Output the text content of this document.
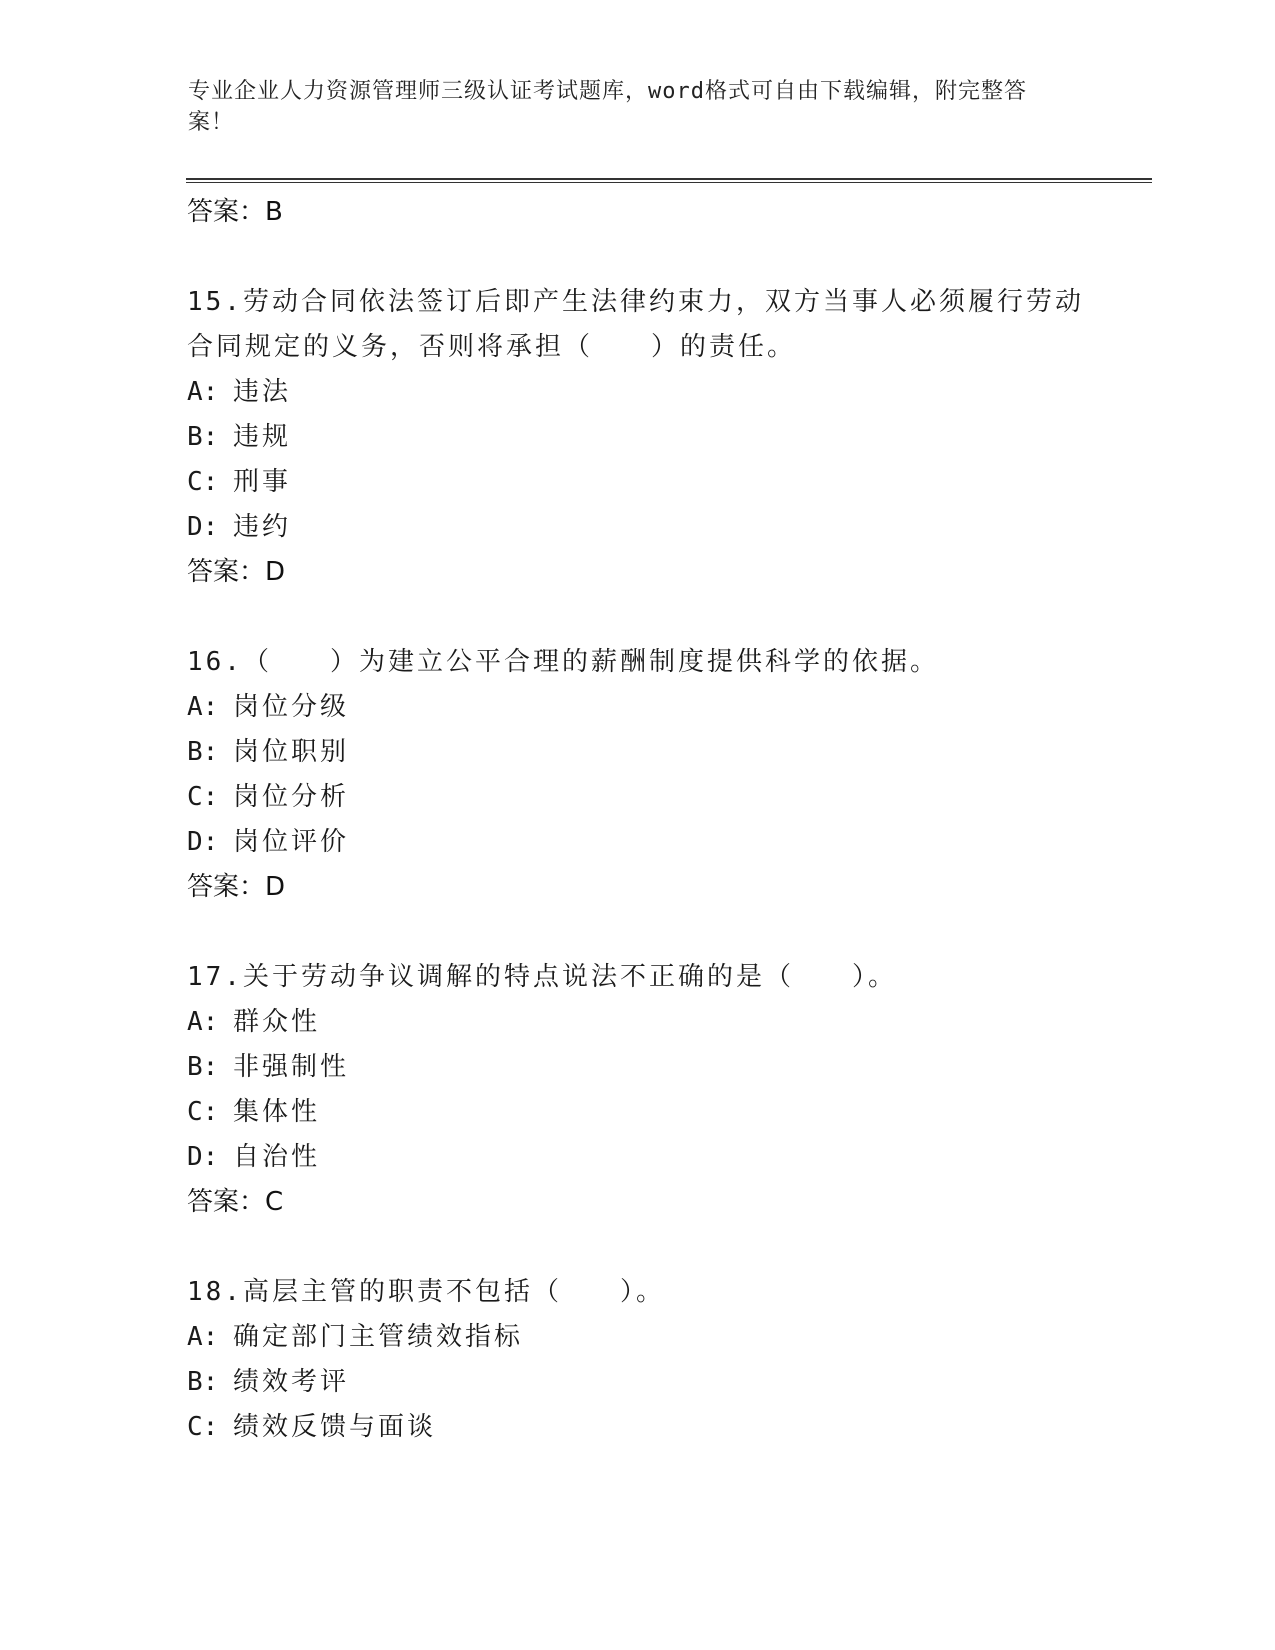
专业企业人力资源管理师三级认证考试题库，word格式可自由下载编辑，附完整答案！
答案：B
15.劳动合同依法签订后即产生法律约束力，双方当事人必须履行劳动合同规定的义务，否则将承担（　　）的责任。
A: 违法
B: 违规
C: 刑事
D: 违约
答案：D
16.（　　）为建立公平合理的薪酬制度提供科学的依据。
A: 岗位分级
B: 岗位职别
C: 岗位分析
D: 岗位评价
答案：D
17.关于劳动争议调解的特点说法不正确的是（　　）。
A: 群众性
B: 非强制性
C: 集体性
D: 自治性
答案：C
18.高层主管的职责不包括（　　）。
A: 确定部门主管绩效指标
B: 绩效考评
C: 绩效反馈与面谈
